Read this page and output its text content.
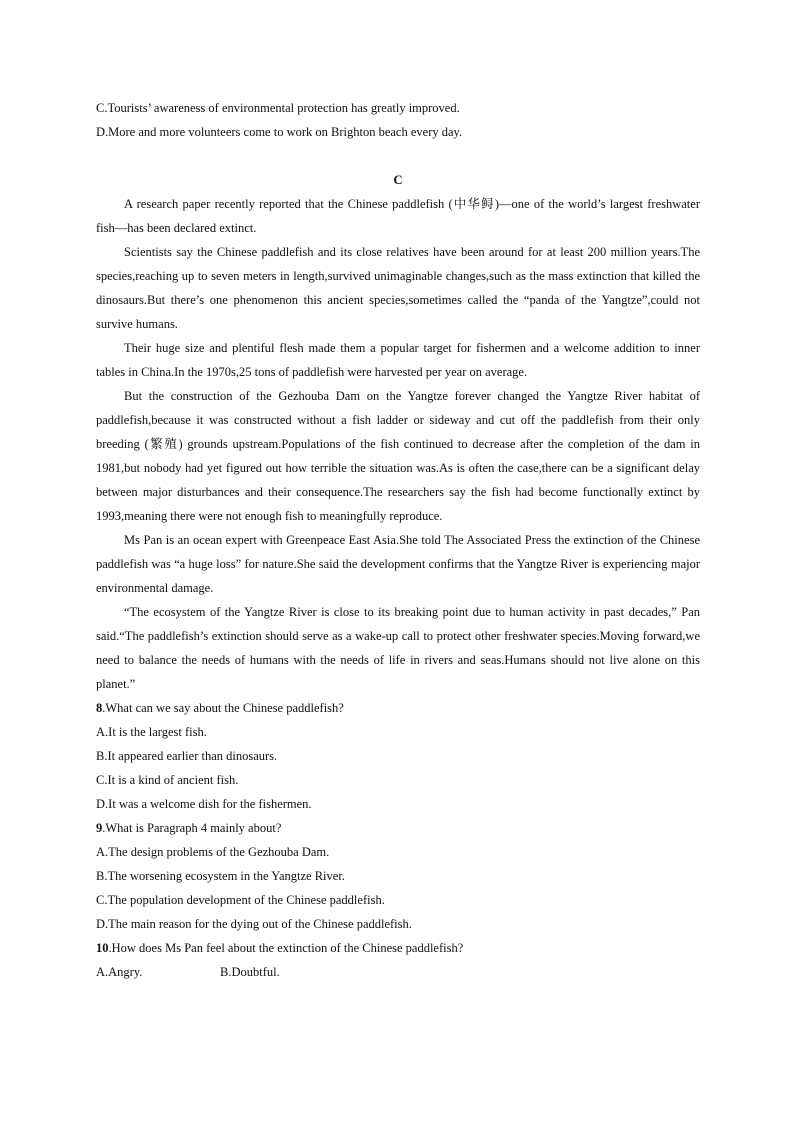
C.Tourists’ awareness of environmental protection has greatly improved.
D.More and more volunteers come to work on Brighton beach every day.
C

A research paper recently reported that the Chinese paddlefish (中华鲟)—one of the world’s largest freshwater fish—has been declared extinct.

Scientists say the Chinese paddlefish and its close relatives have been around for at least 200 million years.The species,reaching up to seven meters in length,survived unimaginable changes,such as the mass extinction that killed the dinosaurs.But there’s one phenomenon this ancient species,sometimes called the “panda of the Yangtze”,could not survive humans.

Their huge size and plentiful flesh made them a popular target for fishermen and a welcome addition to inner tables in China.In the 1970s,25 tons of paddlefish were harvested per year on average.

But the construction of the Gezhouba Dam on the Yangtze forever changed the Yangtze River habitat of paddlefish,because it was constructed without a fish ladder or sideway and cut off the paddlefish from their only breeding (繁殖) grounds upstream.Populations of the fish continued to decrease after the completion of the dam in 1981,but nobody had yet figured out how terrible the situation was.As is often the case,there can be a significant delay between major disturbances and their consequence.The researchers say the fish had become functionally extinct by 1993,meaning there were not enough fish to meaningfully reproduce.

Ms Pan is an ocean expert with Greenpeace East Asia.She told The Associated Press the extinction of the Chinese paddlefish was “a huge loss” for nature.She said the development confirms that the Yangtze River is experiencing major environmental damage.

“The ecosystem of the Yangtze River is close to its breaking point due to human activity in past decades,” Pan said.“The paddlefish’s extinction should serve as a wake-up call to protect other freshwater species.Moving forward,we need to balance the needs of humans with the needs of life in rivers and seas.Humans should not live alone on this planet.”

8.What can we say about the Chinese paddlefish?
A.It is the largest fish.
B.It appeared earlier than dinosaurs.
C.It is a kind of ancient fish.
D.It was a welcome dish for the fishermen.
9.What is Paragraph 4 mainly about?
A.The design problems of the Gezhouba Dam.
B.The worsening ecosystem in the Yangtze River.
C.The population development of the Chinese paddlefish.
D.The main reason for the dying out of the Chinese paddlefish.
10.How does Ms Pan feel about the extinction of the Chinese paddlefish?
A.Angry.	B.Doubtful.
